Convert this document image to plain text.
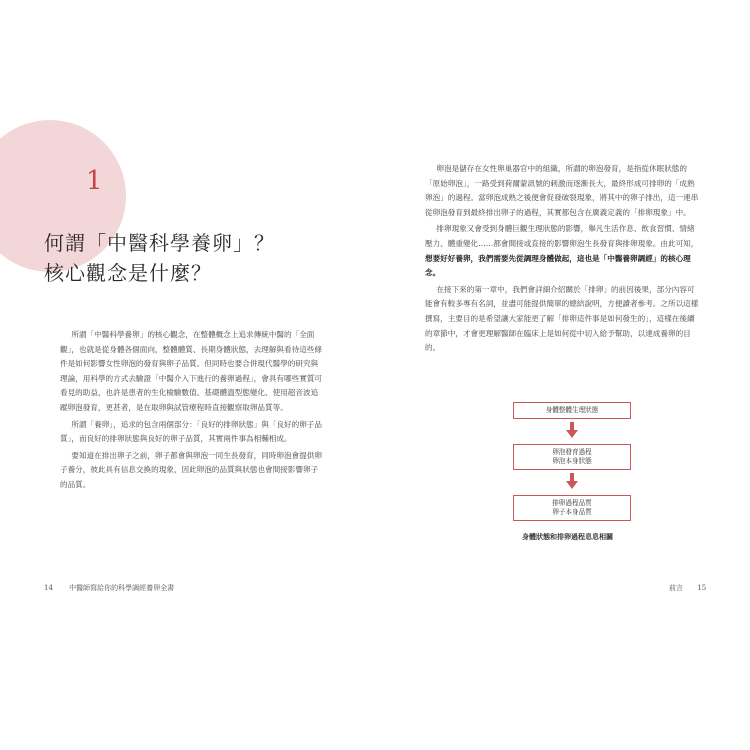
1
何謂「中醫科學養卵」？
核心觀念是什麼？

所謂「中醫科學養卵」的核心觀念，在整體概念上追求傳統中醫的「全面觀」，也就是從身體各個面向，整體體質、長期身體狀態，去理解與看待這些條件是如何影響女性卵泡的發育與卵子品質。但同時也要合併現代醫學的研究與理論，用科學的方式去驗證「中醫介入下進行的養卵過程」，會具有哪些實質可看見的助益，也許是患者的生化檢驗數值、基礎體溫型態變化、使用超音波追蹤卵泡發育，更甚者，是在取卵與試管療程時直接觀察取卵品質等。

所謂「養卵」，追求的包含兩個部分：「良好的排卵狀態」與「良好的卵子品質」，而良好的排卵狀態與良好的卵子品質，其實兩件事為相輔相成。

要知道在排出卵子之前，卵子都會與卵泡一同生長發育，同時卵泡會提供卵子養分，彼此具有信息交換的現象，因此卵泡的品質與狀態也會間接影響卵子的品質。

卵泡是儲存在女性卵巢器官中的組織，所謂的卵泡發育，是指從休眠狀態的「原始卵泡」，一路受到荷爾蒙訊號的刺激而逐漸長大，最終形成可排卵的「成熟卵泡」的過程。當卵泡成熟之後便會促發破裂現象，將其中的卵子排出，這一連串從卵泡發育到最終排出卵子的過程，其實都包含在廣義定義的「排卵現象」中。

排卵現象又會受到身體巨觀生理狀態的影響，舉凡生活作息、飲食習慣、情緒壓力、體重變化……都會間接或直接的影響卵泡生長發育與排卵現象。由此可知，想要好好養卵，我們需要先從調理身體做起，這也是「中醫養卵調經」的核心理念。

在接下來的第一章中，我們會詳細介紹關於「排卵」的前因後果，部分內容可能會有較多專有名詞，並盡可能提供簡單的總結說明，方便讀者參考。之所以這樣撰寫，主要目的是希望讓大家能更了解「排卵這件事是如何發生的」，這樣在後續的章節中，才會更理解醫師在臨床上是如何從中切入給予幫助，以達成養卵的目的。

身體整體生理狀態
卵泡發育過程
卵泡本身狀態
排卵過程品質
卵子本身品質
身體狀態和排卵過程息息相關
14 中醫師寫給你的科學調經養卵全書	前言 15
